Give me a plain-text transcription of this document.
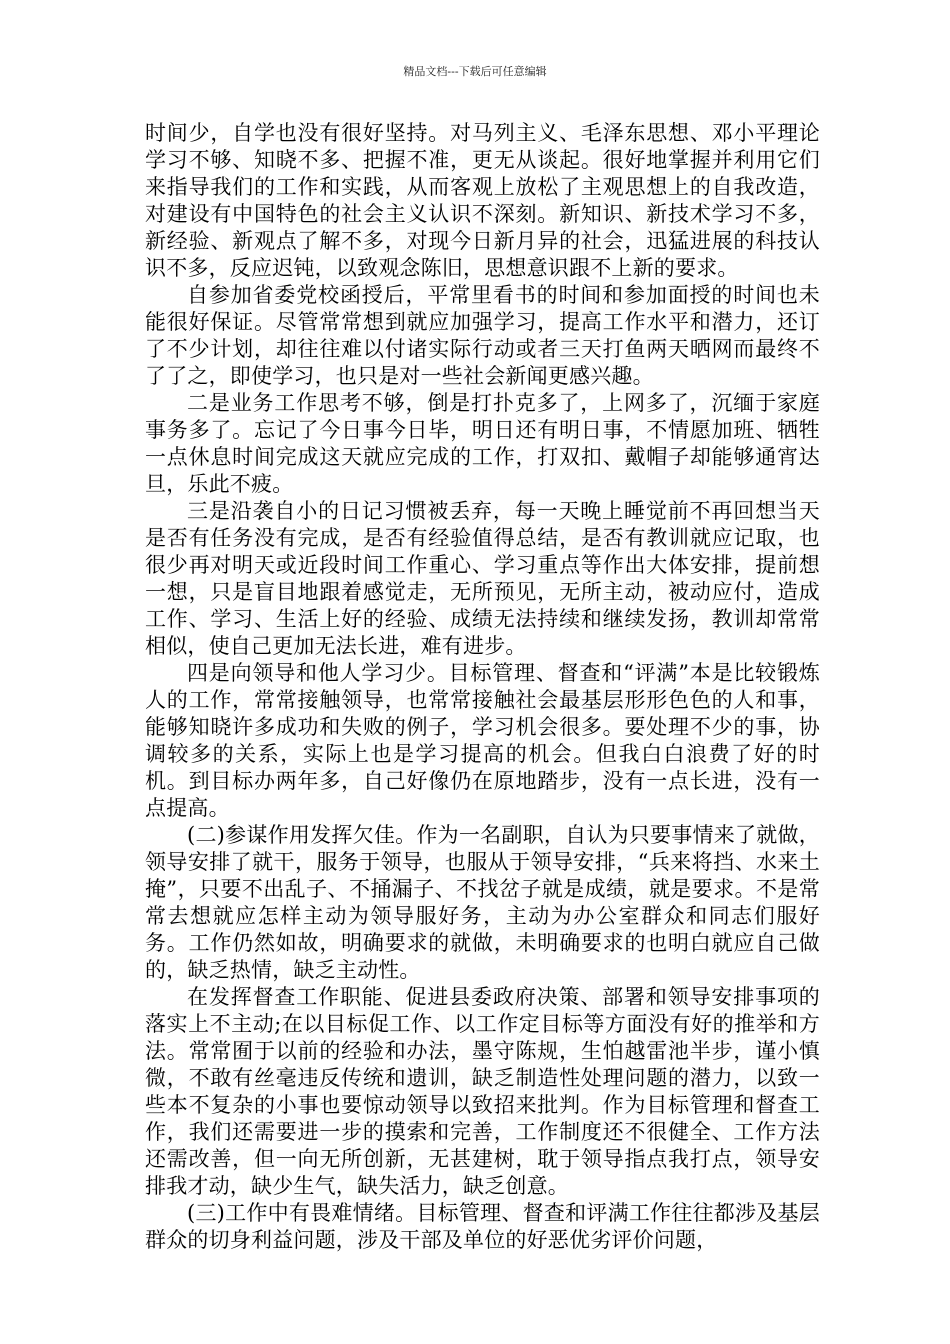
精品文档---下载后可任意编辑

时间少，自学也没有很好坚持。对马列主义、毛泽东思想、邓小平理论学习不够、知晓不多、把握不准，更无从谈起。很好地掌握并利用它们来指导我们的工作和实践，从而客观上放松了主观思想上的自我改造，对建设有中国特色的社会主义认识不深刻。新知识、新技术学习不多，新经验、新观点了解不多，对现今日新月异的社会，迅猛进展的科技认识不多，反应迟钝，以致观念陈旧，思想意识跟不上新的要求。

自参加省委党校函授后，平常里看书的时间和参加面授的时间也未能很好保证。尽管常常想到就应加强学习，提高工作水平和潜力，还订了不少计划，却往往难以付诸实际行动或者三天打鱼两天晒网而最终不了了之，即使学习，也只是对一些社会新闻更感兴趣。

二是业务工作思考不够，倒是打扑克多了，上网多了，沉缅于家庭事务多了。忘记了今日事今日毕，明日还有明日事，不情愿加班、牺牲一点休息时间完成这天就应完成的工作，打双扣、戴帽子却能够通宵达旦，乐此不疲。

三是沿袭自小的日记习惯被丢弃，每一天晚上睡觉前不再回想当天是否有任务没有完成，是否有经验值得总结，是否有教训就应记取，也很少再对明天或近段时间工作重心、学习重点等作出大体安排，提前想一想，只是盲目地跟着感觉走，无所预见，无所主动，被动应付，造成工作、学习、生活上好的经验、成绩无法持续和继续发扬，教训却常常相似，使自己更加无法长进，难有进步。

四是向领导和他人学习少。目标管理、督查和“评满”本是比较锻炼人的工作，常常接触领导，也常常接触社会最基层形形色色的人和事，能够知晓许多成功和失败的例子，学习机会很多。要处理不少的事，协调较多的关系，实际上也是学习提高的机会。但我白白浪费了好的时机。到目标办两年多，自己好像仍在原地踏步，没有一点长进，没有一点提高。

(二)参谋作用发挥欠佳。作为一名副职，自认为只要事情来了就做，领导安排了就干，服务于领导，也服从于领导安排，“兵来将挡、水来土掩”，只要不出乱子、不捅漏子、不找岔子就是成绩，就是要求。不是常常去想就应怎样主动为领导服好务，主动为办公室群众和同志们服好务。工作仍然如故，明确要求的就做，未明确要求的也明白就应自己做的，缺乏热情，缺乏主动性。

在发挥督查工作职能、促进县委政府决策、部署和领导安排事项的落实上不主动;在以目标促工作、以工作定目标等方面没有好的推举和方法。常常囿于以前的经验和办法，墨守陈规，生怕越雷池半步，谨小慎微，不敢有丝毫违反传统和遗训，缺乏制造性处理问题的潜力，以致一些本不复杂的小事也要惊动领导以致招来批判。作为目标管理和督查工作，我们还需要进一步的摸索和完善，工作制度还不很健全、工作方法还需改善，但一向无所创新，无甚建树，耽于领导指点我打点，领导安排我才动，缺少生气，缺失活力，缺乏创意。

(三)工作中有畏难情绪。目标管理、督查和评满工作往往都涉及基层群众的切身利益问题，涉及干部及单位的好恶优劣评价问题，
